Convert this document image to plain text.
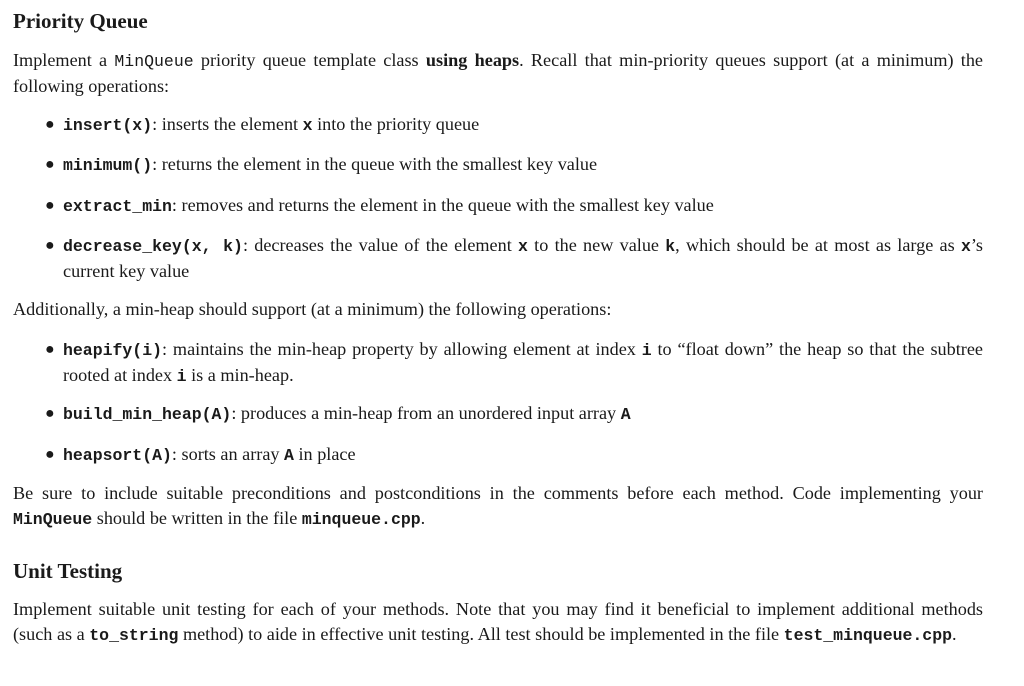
Priority Queue
Implement a MinQueue priority queue template class using heaps. Recall that min-priority queues support (at a minimum) the following operations:
● insert(x): inserts the element x into the priority queue
● minimum(): returns the element in the queue with the smallest key value
● extract_min: removes and returns the element in the queue with the smallest key value
● decrease_key(x, k): decreases the value of the element x to the new value k, which should be at most as large as x’s current key value
Additionally, a min-heap should support (at a minimum) the following operations:
● heapify(i): maintains the min-heap property by allowing element at index i to “float down” the heap so that the subtree rooted at index i is a min-heap.
● build_min_heap(A): produces a min-heap from an unordered input array A
● heapsort(A): sorts an array A in place
Be sure to include suitable preconditions and postconditions in the comments before each method. Code implementing your MinQueue should be written in the file minqueue.cpp.
Unit Testing
Implement suitable unit testing for each of your methods. Note that you may find it beneficial to implement additional methods (such as a to_string method) to aide in effective unit testing. All test should be implemented in the file test_minqueue.cpp.
